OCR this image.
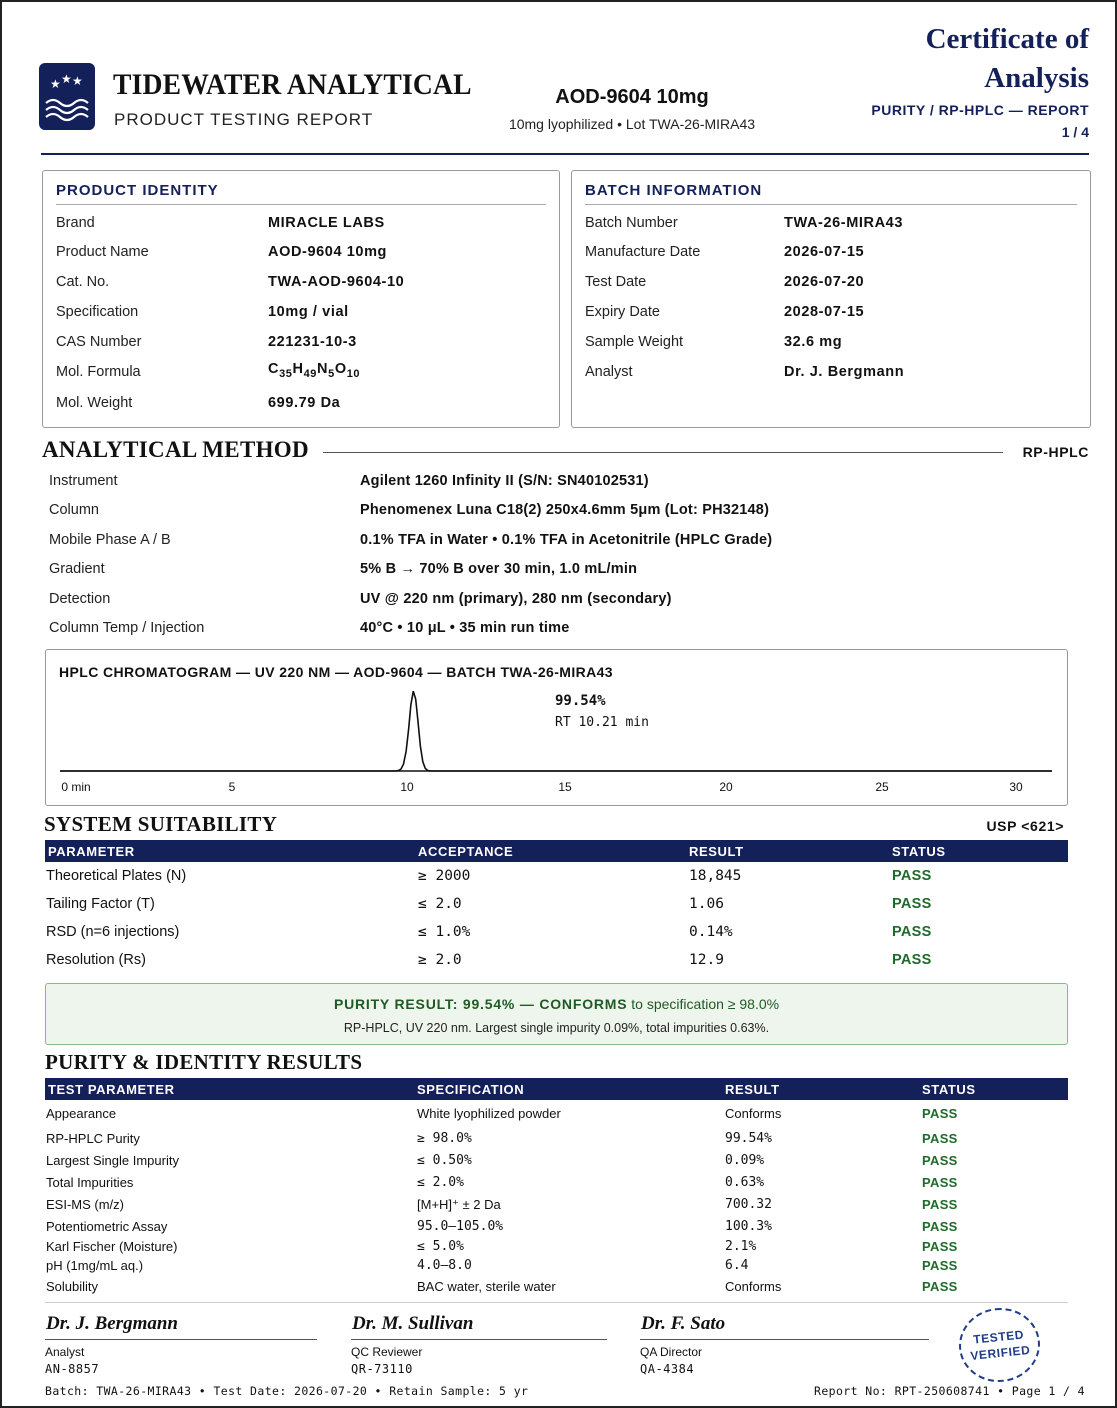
★ ★ ★ TIDEWATER ANALYTICAL
PRODUCT TESTING REPORT
AOD-9604 10mg
10mg lyophilized • Lot TWA-26-MIRA43
Certificate of
Analysis
PURITY / RP-HPLC — REPORT
1 / 4
PRODUCT IDENTITY
Brand	MIRACLE LABS
Product Name	AOD-9604 10mg
Cat. No.	TWA-AOD-9604-10
Specification	10mg / vial
CAS Number	221231-10-3
Mol. Formula	$C_{35}H_{49}N_5O_{10}$
Mol. Weight	699.79 Da
BATCH INFORMATION
Batch Number	TWA-26-MIRA43
Manufacture Date	2026-07-15
Test Date	2026-07-20
Expiry Date	2028-07-15
Sample Weight	32.6 mg
Analyst	Dr. J. Bergmann
ANALYTICAL METHOD	RP-HPLC
Instrument	Agilent 1260 Infinity II (S/N: SN40102531)
Column	Phenomenex Luna C18(2) 250x4.6mm 5μm (Lot: PH32148)
Mobile Phase A / B	0.1% TFA in Water • 0.1% TFA in Acetonitrile (HPLC Grade)
Gradient	5% B → 70% B over 30 min, 1.0 mL/min
Detection	UV @ 220 nm (primary), 280 nm (secondary)
Column Temp / Injection	40°C • 10 μL • 35 min run time
HPLC CHROMATOGRAM — UV 220 NM — AOD-9604 — BATCH TWA-26-MIRA43
99.54%
RT 10.21 min
0 min	5	10	15	20	25	30
SYSTEM SUITABILITY	USP <621>
PARAMETER	ACCEPTANCE	RESULT	STATUS
Theoretical Plates (N)	≥ 2000	18,845	PASS
Tailing Factor (T)	≤ 2.0	1.06	PASS
RSD (n=6 injections)	≤ 1.0%	0.14%	PASS
Resolution (Rs)	≥ 2.0	12.9	PASS
PURITY RESULT: 99.54% — CONFORMS to specification ≥ 98.0%
RP-HPLC, UV 220 nm. Largest single impurity 0.09%, total impurities 0.63%.
PURITY & IDENTITY RESULTS
TEST PARAMETER	SPECIFICATION	RESULT	STATUS
Appearance	White lyophilized powder	Conforms	PASS
RP-HPLC Purity	≥ 98.0%	99.54%	PASS
Largest Single Impurity	≤ 0.50%	0.09%	PASS
Total Impurities	≤ 2.0%	0.63%	PASS
ESI-MS (m/z)	[M+H]⁺ ± 2 Da	700.32	PASS
Potentiometric Assay	95.0–105.0%	100.3%	PASS
Karl Fischer (Moisture)	≤ 5.0%	2.1%	PASS
pH (1mg/mL aq.)	4.0–8.0	6.4	PASS
Solubility	BAC water, sterile water	Conforms	PASS
Dr. J. Bergmann
Analyst
AN-8857
Dr. M. Sullivan
QC Reviewer
QR-73110
Dr. F. Sato
QA Director
QA-4384
TESTED
VERIFIED
Batch: TWA-26-MIRA43 • Test Date: 2026-07-20 • Retain Sample: 5 yr	Report No: RPT-250608741 • Page 1 / 4
